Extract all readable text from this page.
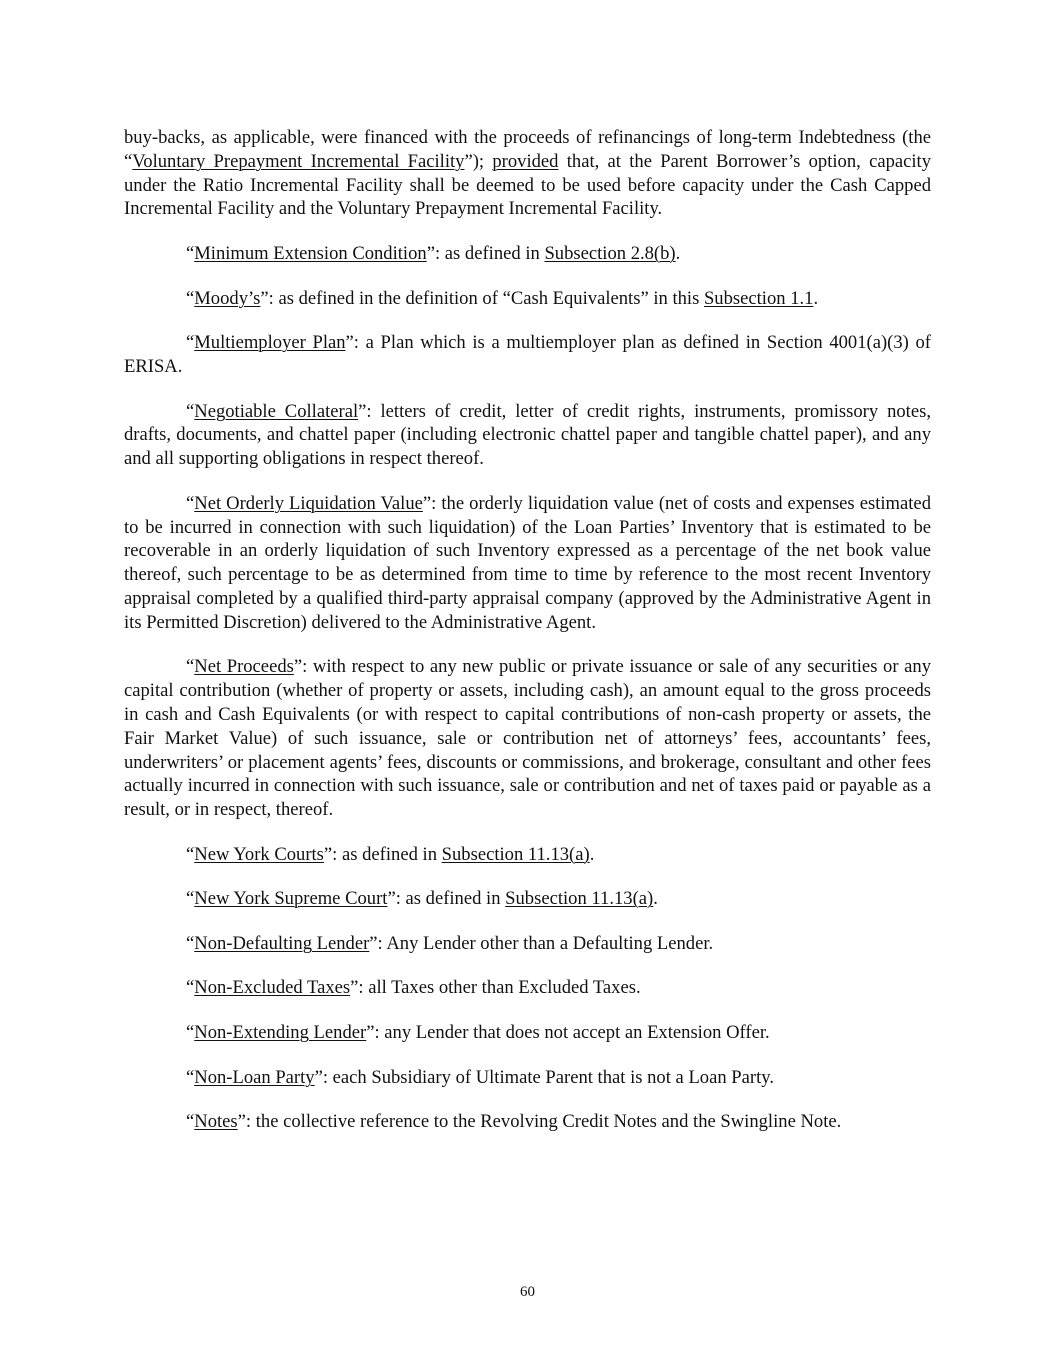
buy-backs, as applicable, were financed with the proceeds of refinancings of long-term Indebtedness (the “Voluntary Prepayment Incremental Facility”); provided that, at the Parent Borrower’s option, capacity under the Ratio Incremental Facility shall be deemed to be used before capacity under the Cash Capped Incremental Facility and the Voluntary Prepayment Incremental Facility.

“Minimum Extension Condition”: as defined in Subsection 2.8(b).

“Moody’s”: as defined in the definition of “Cash Equivalents” in this Subsection 1.1.

“Multiemployer Plan”: a Plan which is a multiemployer plan as defined in Section 4001(a)(3) of ERISA.

“Negotiable Collateral”: letters of credit, letter of credit rights, instruments, promissory notes, drafts, documents, and chattel paper (including electronic chattel paper and tangible chattel paper), and any and all supporting obligations in respect thereof.

“Net Orderly Liquidation Value”: the orderly liquidation value (net of costs and expenses estimated to be incurred in connection with such liquidation) of the Loan Parties’ Inventory that is estimated to be recoverable in an orderly liquidation of such Inventory expressed as a percentage of the net book value thereof, such percentage to be as determined from time to time by reference to the most recent Inventory appraisal completed by a qualified third-party appraisal company (approved by the Administrative Agent in its Permitted Discretion) delivered to the Administrative Agent.

“Net Proceeds”: with respect to any new public or private issuance or sale of any securities or any capital contribution (whether of property or assets, including cash), an amount equal to the gross proceeds in cash and Cash Equivalents (or with respect to capital contributions of non-cash property or assets, the Fair Market Value) of such issuance, sale or contribution net of attorneys’ fees, accountants’ fees, underwriters’ or placement agents’ fees, discounts or commissions, and brokerage, consultant and other fees actually incurred in connection with such issuance, sale or contribution and net of taxes paid or payable as a result, or in respect, thereof.

“New York Courts”: as defined in Subsection 11.13(a).

“New York Supreme Court”: as defined in Subsection 11.13(a).

“Non-Defaulting Lender”: Any Lender other than a Defaulting Lender.

“Non-Excluded Taxes”: all Taxes other than Excluded Taxes.

“Non-Extending Lender”: any Lender that does not accept an Extension Offer.

“Non-Loan Party”: each Subsidiary of Ultimate Parent that is not a Loan Party.

“Notes”: the collective reference to the Revolving Credit Notes and the Swingline Note.

60
